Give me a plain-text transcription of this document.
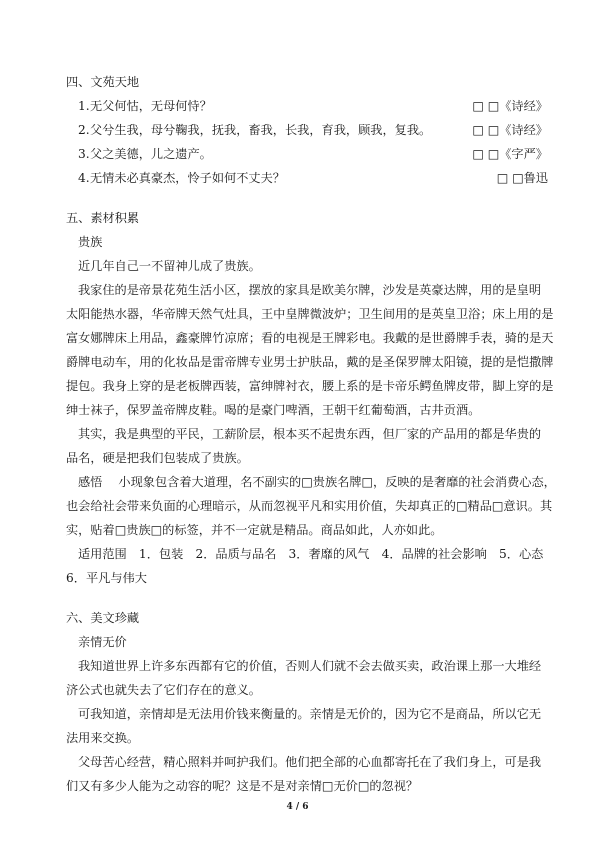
四、文苑天地
1. 无父何怙，无母何恃？	□ □《诗经》
2. 父兮生我，母兮鞠我，抚我，畜我，长我，育我，顾我，复我。	□ □《诗经》
3. 父之美德，儿之遗产。	□ □《字严》
4. 无情未必真豪杰，怜子如何不丈夫？	□ □鲁迅
五、素材积累
贵族
近几年自己一不留神儿成了贵族。
我家住的是帝景花苑生活小区，摆放的家具是欧美尔牌，沙发是英豪达牌，用的是皇明
太阳能热水器，华帝牌天然气灶具，王中皇牌微波炉；卫生间用的是英皇卫浴；床上用的是
富女娜牌床上用品，鑫豪牌竹凉席；看的电视是王牌彩电。我戴的是世爵牌手表，骑的是天
爵牌电动车，用的化妆品是雷帝牌专业男士护肤品，戴的是圣保罗牌太阳镜，提的是恺撒牌
提包。我身上穿的是老板牌西装，富绅牌衬衣，腰上系的是卡帝乐鳄鱼牌皮带，脚上穿的是
绅士袜子，保罗盖帝牌皮鞋。喝的是豪门啤酒，王朝干红葡萄酒，古井贡酒。
其实，我是典型的平民，工薪阶层，根本买不起贵东西，但厂家的产品用的都是华贵的
品名，硬是把我们包装成了贵族。
感悟　 小现象包含着大道理，名不副实的□贵族名牌□，反映的是奢靡的社会消费心态，
也会给社会带来负面的心理暗示，从而忽视平凡和实用价值，失却真正的□精品□意识。其
实，贴着□贵族□的标签，并不一定就是精品。商品如此，人亦如此。
适用范围　1．包装　2．品质与品名　3．奢靡的风气　4．品牌的社会影响　5．心态
6．平凡与伟大
六、美文珍藏
亲情无价
我知道世界上许多东西都有它的价值，否则人们就不会去做买卖，政治课上那一大堆经
济公式也就失去了它们存在的意义。
可我知道，亲情却是无法用价钱来衡量的。亲情是无价的，因为它不是商品，所以它无
法用来交换。
父母苦心经营，精心照料并呵护我们。他们把全部的心血都寄托在了我们身上，可是我
们又有多少人能为之动容的呢？这是不是对亲情□无价□的忽视？
4 / 6
